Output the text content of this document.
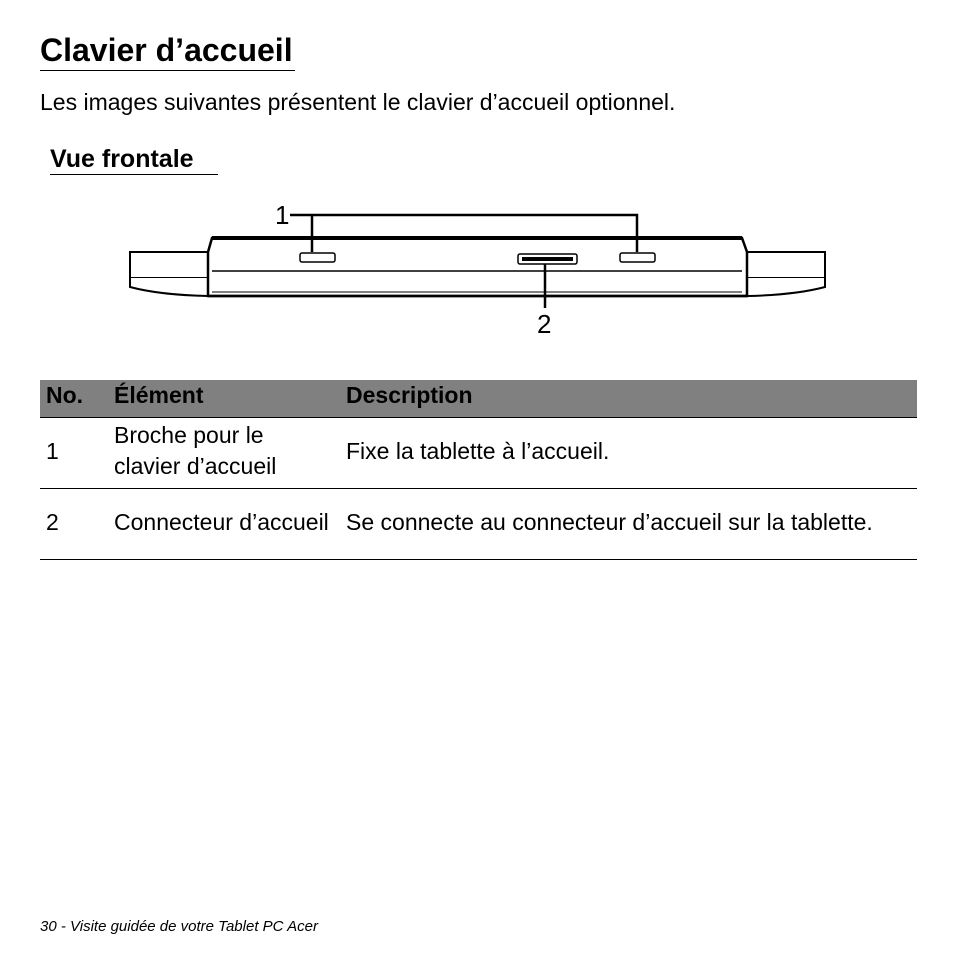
Clavier d’accueil

Les images suivantes présentent le clavier d’accueil optionnel.

Vue frontale
1
2
No.	Élément	Description
1	Broche pour le clavier d’accueil	Fixe la tablette à l’accueil.
2	Connecteur d’accueil	Se connecte au connecteur d’accueil sur la tablette.

30 - Visite guidée de votre Tablet PC Acer
